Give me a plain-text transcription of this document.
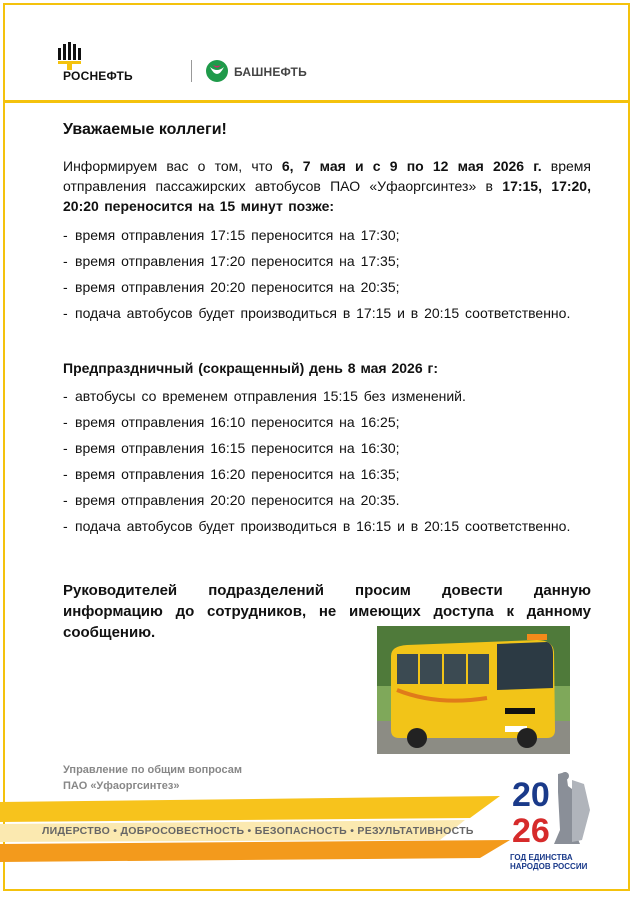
РОСНЕФТЬ	БАШНЕФТЬ
Уважаемые коллеги!

Информируем вас о том, что 6, 7 мая и с 9 по 12 мая 2026 г. время отправления пассажирских автобусов ПАО «Уфаоргсинтез» в 17:15, 17:20, 20:20 переносится на 15 минут позже:

- время отправления 17:15 переносится на 17:30;
- время отправления 17:20 переносится на 17:35;
- время отправления 20:20 переносится на 20:35;
- подача автобусов будет производиться в 17:15 и в 20:15 соответственно.
Предпраздничный (сокращенный) день 8 мая 2026 г:
- автобусы со временем отправления 15:15 без изменений.
- время отправления 16:10 переносится на 16:25;
- время отправления 16:15 переносится на 16:30;
- время отправления 16:20 переносится на 16:35;
- время отправления 20:20 переносится на 20:35.
- подача автобусов будет производиться в 16:15 и в 20:15 соответственно.

Руководителей подразделений просим довести данную информацию до сотрудников, не имеющих доступа к данному сообщению.

Управление по общим вопросам
ПАО «Уфаоргсинтез»

ЛИДЕРСТВО • ДОБРОСОВЕСТНОСТЬ • БЕЗОПАСНОСТЬ • РЕЗУЛЬТАТИВНОСТЬ

20
26

ГОД ЕДИНСТВА НАРОДОВ РОССИИ
